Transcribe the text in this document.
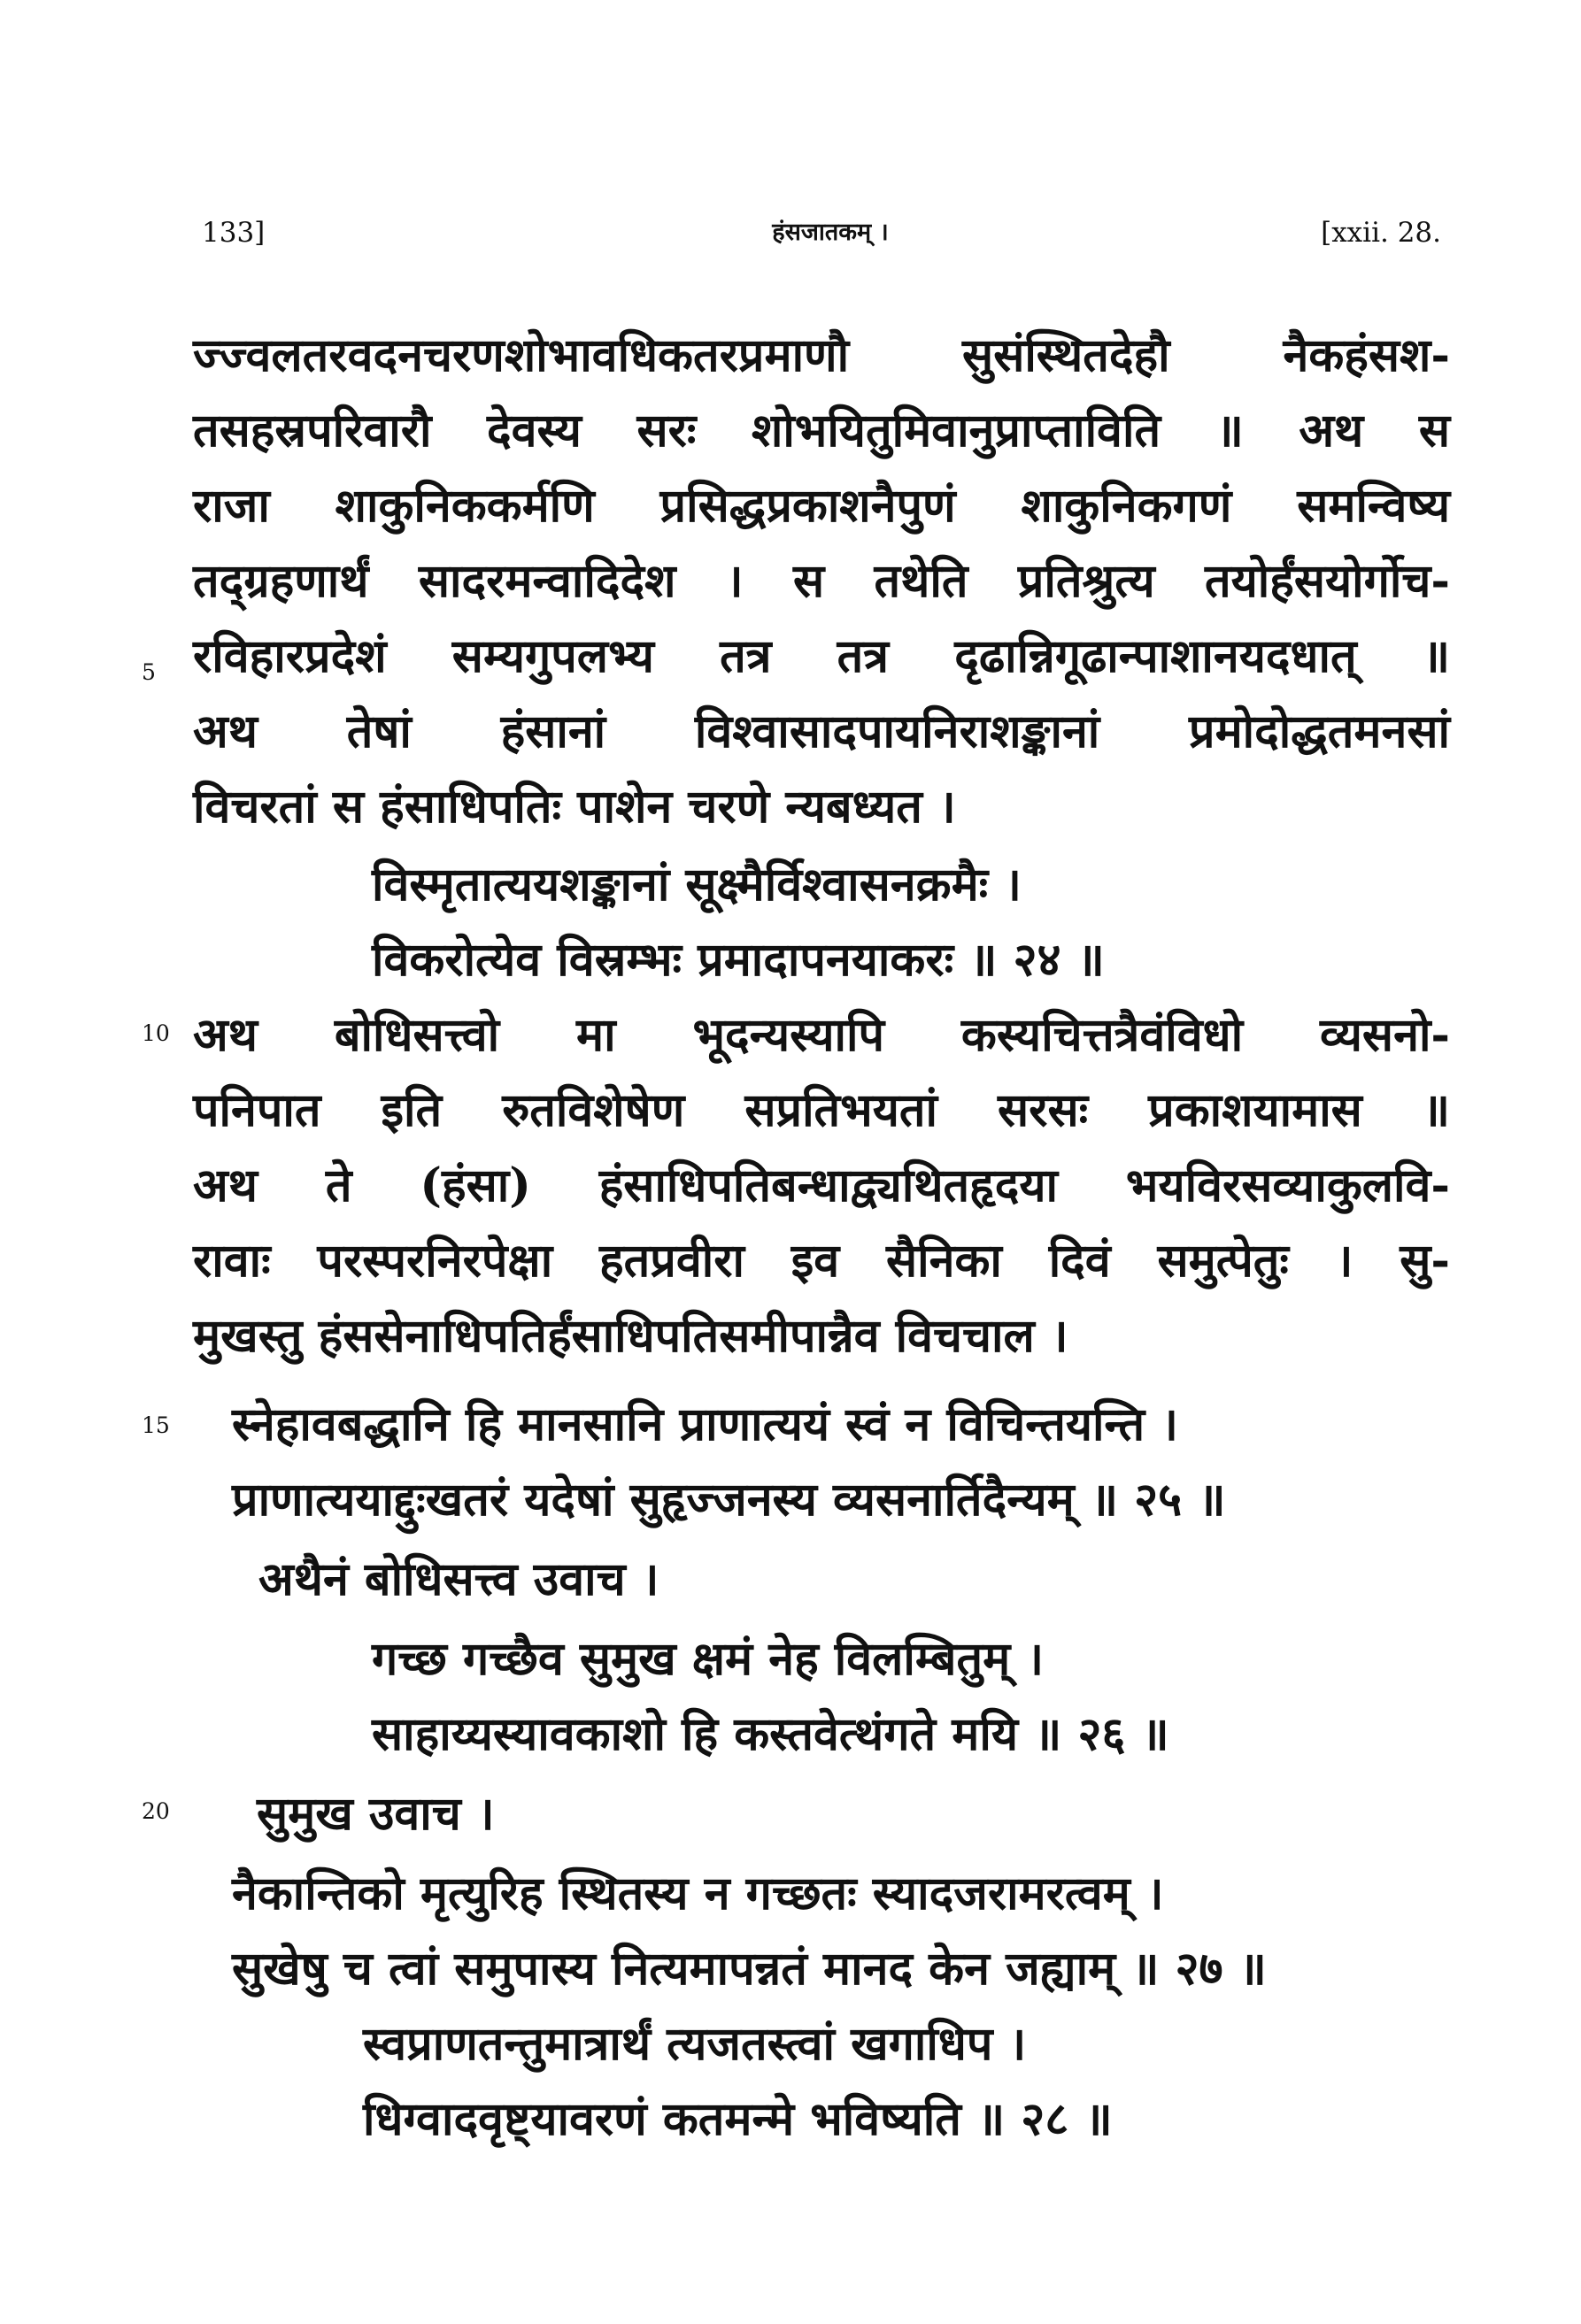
133]	हंसजातकम् ।	[xxii. 28.
ज्ज्वलतरवदनचरणशोभावधिकतरप्रमाणौ सुसंस्थितदेहौ नैकहंसश-
तसहस्रपरिवारौ देवस्य सरः शोभयितुमिवानुप्राप्ताविति ॥ अथ स
राजा शाकुनिककर्मणि प्रसिद्धप्रकाशनैपुणं शाकुनिकगणं समन्विष्य
तद्ग्रहणार्थं सादरमन्वादिदेश । स तथेति प्रतिश्रुत्य तयोर्हंसयोर्गोच-
5 रविहारप्रदेशं सम्यगुपलभ्य तत्र तत्र दृढान्निगूढान्पाशानयदधात् ॥
अथ तेषां हंसानां विश्वासादपायनिराशङ्कानां प्रमोदोद्धतमनसां
विचरतां स हंसाधिपतिः पाशेन चरणे न्यबध्यत ।
विस्मृतात्ययशङ्कानां सूक्ष्मैर्विश्वासनक्रमैः ।
विकरोत्येव विस्रम्भः प्रमादापनयाकरः ॥ २४ ॥
10 अथ बोधिसत्त्वो मा भूदन्यस्यापि कस्यचित्तत्रैवंविधो व्यसनो-
पनिपात इति रुतविशेषेण सप्रतिभयतां सरसः प्रकाशयामास ॥
अथ ते (हंसा) हंसाधिपतिबन्धाद्व्यथितहृदया भयविरसव्याकुलवि-
रावाः परस्परनिरपेक्षा हतप्रवीरा इव सैनिका दिवं समुत्पेतुः । सु-
मुखस्तु हंससेनाधिपतिर्हंसाधिपतिसमीपान्नैव विचचाल ।
15	स्नेहावबद्धानि हि मानसानि प्राणात्ययं स्वं न विचिन्तयन्ति ।
प्राणात्ययाद्दुःखतरं यदेषां सुहृज्जनस्य व्यसनार्तिदैन्यम् ॥ २५ ॥
अथैनं बोधिसत्त्व उवाच ।
गच्छ गच्छैव सुमुख क्षमं नेह विलम्बितुम् ।
साहाय्यस्यावकाशो हि कस्तवेत्थंगते मयि ॥ २६ ॥
20	सुमुख उवाच ।
नैकान्तिको मृत्युरिह स्थितस्य न गच्छतः स्यादजरामरत्वम् ।
सुखेषु च त्वां समुपास्य नित्यमापन्नतं मानद केन जह्याम् ॥ २७ ॥
स्वप्राणतन्तुमात्रार्थं त्यजतस्त्वां खगाधिप ।
धिग्वादवृष्ट्यावरणं कतमन्मे भविष्यति ॥ २८ ॥
